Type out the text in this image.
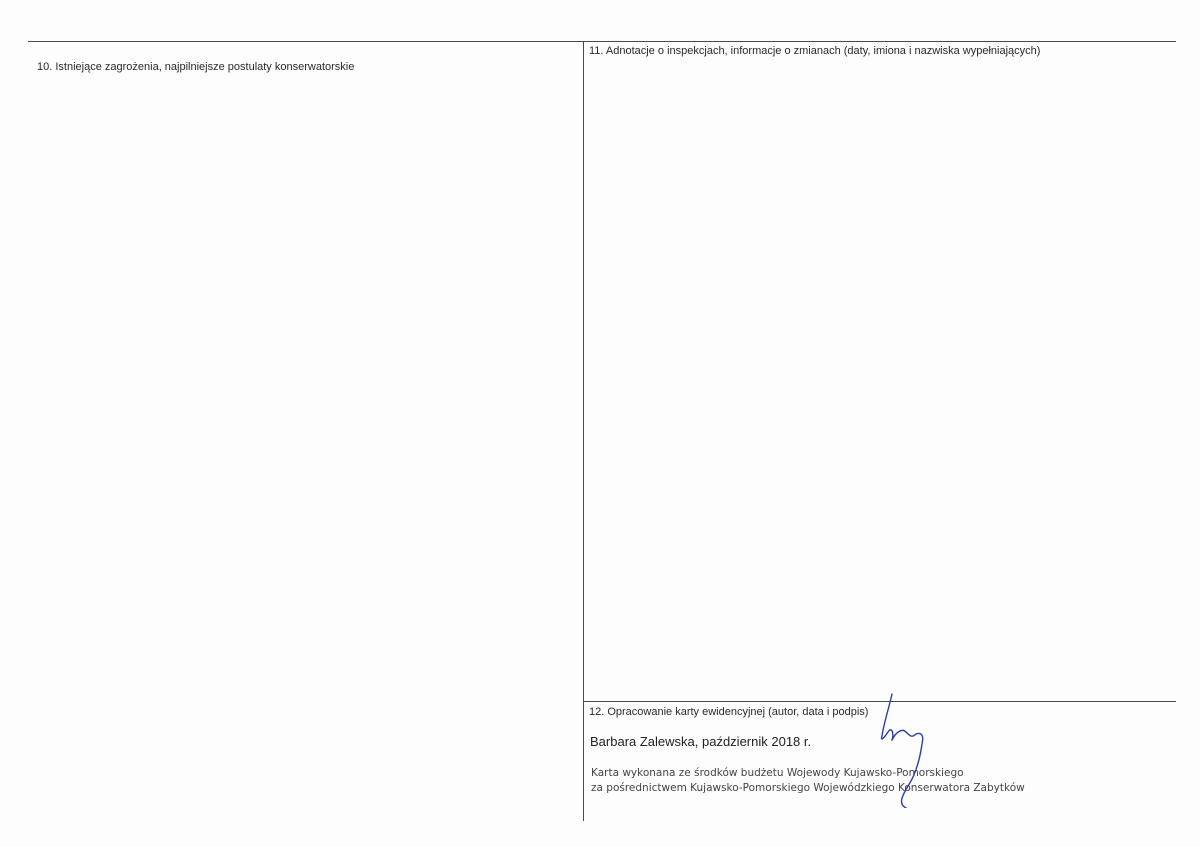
10. Istniejące zagrożenia, najpilniejsze postulaty konserwatorskie
11. Adnotacje o inspekcjach, informacje o zmianach (daty, imiona i nazwiska wypełniających)
12. Opracowanie karty ewidencyjnej (autor, data i podpis)
Barbara Zalewska, październik 2018 r.
Karta wykonana ze środków budżetu Wojewody Kujawsko-Pomorskiego
za pośrednictwem Kujawsko-Pomorskiego Wojewódzkiego Konserwatora Zabytków
